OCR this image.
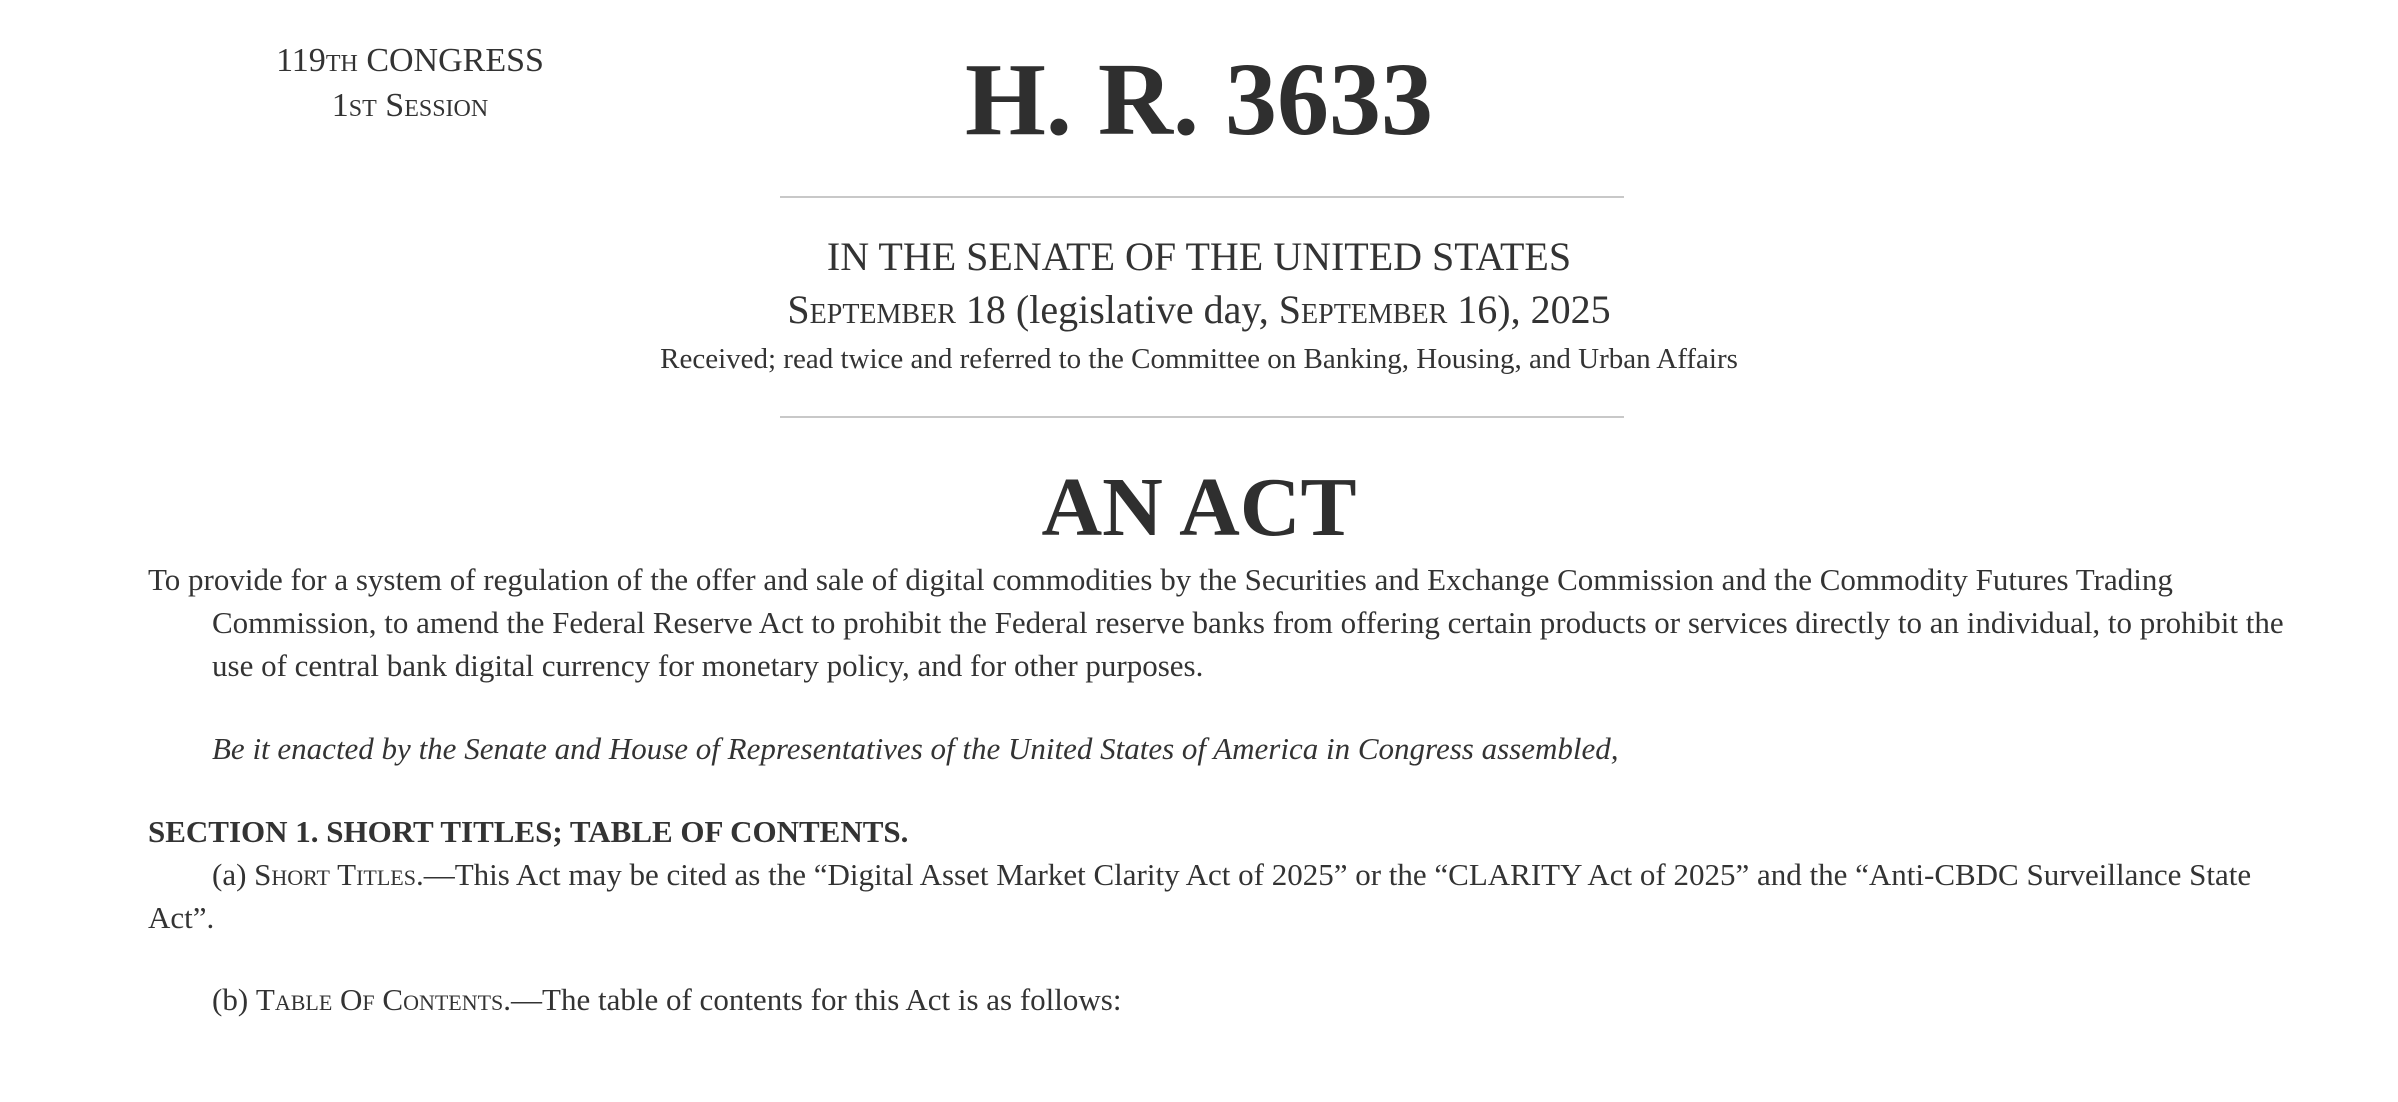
119th CONGRESS
1st Session	H. R. 3633
IN THE SENATE OF THE UNITED STATES
September 18 (legislative day, September 16), 2025
Received; read twice and referred to the Committee on Banking, Housing, and Urban Affairs
AN ACT
To provide for a system of regulation of the offer and sale of digital commodities by the Securities and Exchange Commission and the Commodity Futures Trading Commission, to amend the Federal Reserve Act to prohibit the Federal reserve banks from offering certain products or services directly to an individual, to prohibit the use of central bank digital currency for monetary policy, and for other purposes.
Be it enacted by the Senate and House of Representatives of the United States of America in Congress assembled,
SECTION 1. SHORT TITLES; TABLE OF CONTENTS.
(a) Short Titles.—This Act may be cited as the “Digital Asset Market Clarity Act of 2025” or the “CLARITY Act of 2025” and the “Anti-CBDC Surveillance State Act”.
(b) Table Of Contents.—The table of contents for this Act is as follows:
